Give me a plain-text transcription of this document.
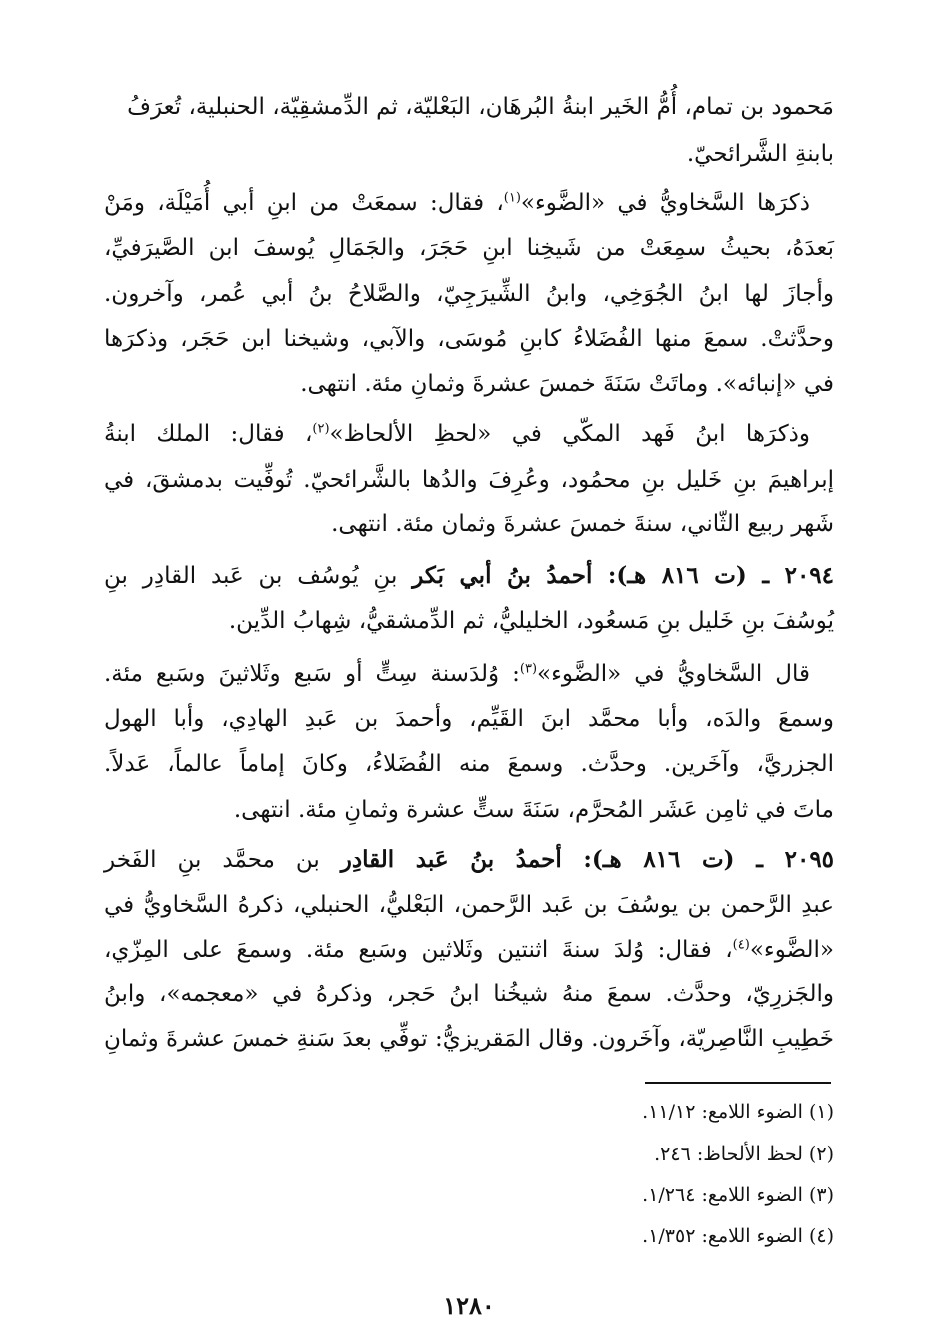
مَحمود بن تمام، أُمُّ الخَير ابنةُ البُرهَان، البَعْليّة، ثم الدِّمشقِيّة، الحنبلية، تُعرَفُ
بابنةِ الشَّرائحيّ.
ذكرَها السَّخاويُّ في «الضَّوء»$^{(١)}$، فقال: سمعَتْ من ابنِ أبي أُمَيْلَة، ومَنْ
بَعدَهُ، بحيثُ سمِعَتْ من شَيخِنا ابنِ حَجَرَ، والجَمَالِ يُوسفَ ابن الصَّيرَفيِّ،
وأجازَ لها ابنُ الجُوَخِي، وابنُ الشِّيرَجِيّ، والصَّلاحُ بنُ أبي عُمر، وآخرون.
وحدَّثتْ. سمعَ منها الفُضَلاءُ كابنِ مُوسَى، والآبي، وشيخنا ابن حَجَر، وذكرَها
في «إنبائه». وماتَتْ سَنَةَ خمسَ عشرةَ وثمانِ مئة. انتهى.
وذكرَها ابنُ فَهد المكّي في «لحظِ الألحاظ»$^{(٢)}$، فقال: الملك ابنةُ
إبراهيمَ بنِ خَليل بنِ محمُود، وعُرِفَ والدُها بالشَّرائحيّ. تُوفِّيت بدمشقَ، في
شَهر ربيع الثّاني، سنةَ خمسَ عشرةَ وثمان مئة. انتهى.
٢٠٩٤ ـ (ت ٨١٦ هـ): أحمدُ بنُ أبي بَكر بنِ يُوسُف بن عَبد القادِر بنِ
يُوسُفَ بنِ خَليل بنِ مَسعُود، الخليليُّ، ثم الدِّمشقيُّ، شِهابُ الدِّين.
قال السَّخاويُّ في «الضَّوء»$^{(٣)}$: وُلدَسنة سِتٍّ أو سَبع وثَلاثينَ وسَبع مئة.
وسمعَ والدَه، وأبا محمَّد ابنَ القَيِّم، وأحمدَ بن عَبدِ الهادِي، وأبا الهول
الجزريَّ، وآخَرين. وحدَّث. وسمعَ منه الفُضَلاءُ، وكانَ إماماً عالماً، عَدلاً.
ماتَ في ثامِن عَشَر المُحرَّم، سَنَةَ ستٍّ عشرة وثمانِ مئة. انتهى.
٢٠٩٥ ـ (ت ٨١٦ هـ): أحمدُ بنُ عَبد القادِر بن محمَّد بنِ الفَخر
عبدِ الرَّحمن بن يوسُفَ بن عَبد الرَّحمن، البَعْليُّ، الحنبلي، ذكرهُ السَّخاويُّ في
«الضَّوء»$^{(٤)}$، فقال: وُلدَ سنةَ اثنتين وثَلاثين وسَبع مئة. وسمعَ على المِزّي،
والجَزرِيّ، وحدَّث. سمعَ منهُ شيخُنا ابنُ حَجر، وذكرهُ في «معجمه»، وابنُ
خَطِيبِ النَّاصِريّة، وآخَرون. وقال المَقريزيُّ: توفِّي بعدَ سَنةِ خمسَ عشرةَ وثمانِ
(١) الضوء اللامع: ١١/١٢.
(٢) لحظ الألحاظ: ٢٤٦.
(٣) الضوء اللامع: ١/٢٦٤.
(٤) الضوء اللامع: ١/٣٥٢.
١٢٨٠
